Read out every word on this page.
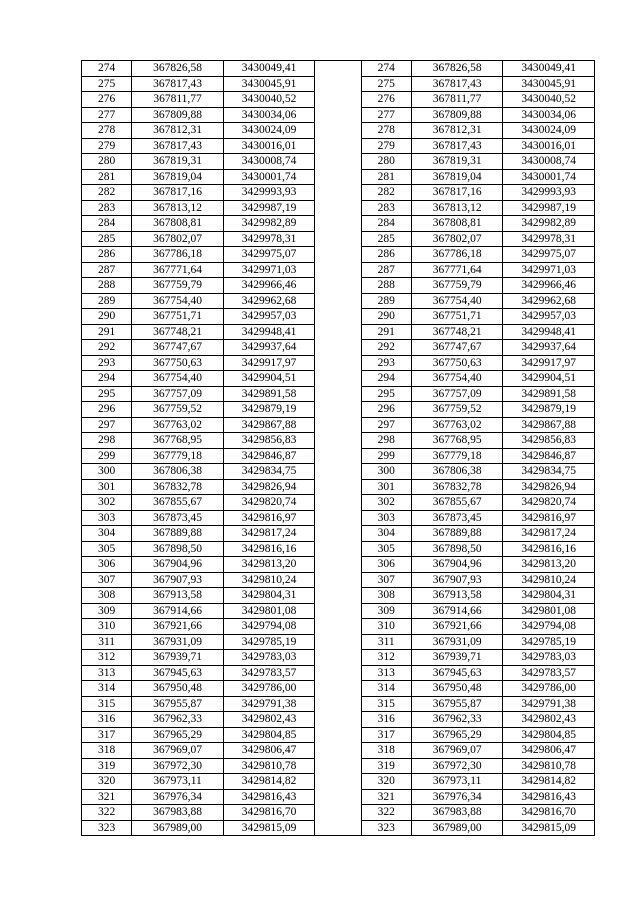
274	367826,58	3430049,41		274	367826,58	3430049,41
275	367817,43	3430045,91		275	367817,43	3430045,91
276	367811,77	3430040,52		276	367811,77	3430040,52
277	367809,88	3430034,06		277	367809,88	3430034,06
278	367812,31	3430024,09		278	367812,31	3430024,09
279	367817,43	3430016,01		279	367817,43	3430016,01
280	367819,31	3430008,74		280	367819,31	3430008,74
281	367819,04	3430001,74		281	367819,04	3430001,74
282	367817,16	3429993,93		282	367817,16	3429993,93
283	367813,12	3429987,19		283	367813,12	3429987,19
284	367808,81	3429982,89		284	367808,81	3429982,89
285	367802,07	3429978,31		285	367802,07	3429978,31
286	367786,18	3429975,07		286	367786,18	3429975,07
287	367771,64	3429971,03		287	367771,64	3429971,03
288	367759,79	3429966,46		288	367759,79	3429966,46
289	367754,40	3429962,68		289	367754,40	3429962,68
290	367751,71	3429957,03		290	367751,71	3429957,03
291	367748,21	3429948,41		291	367748,21	3429948,41
292	367747,67	3429937,64		292	367747,67	3429937,64
293	367750,63	3429917,97		293	367750,63	3429917,97
294	367754,40	3429904,51		294	367754,40	3429904,51
295	367757,09	3429891,58		295	367757,09	3429891,58
296	367759,52	3429879,19		296	367759,52	3429879,19
297	367763,02	3429867,88		297	367763,02	3429867,88
298	367768,95	3429856,83		298	367768,95	3429856,83
299	367779,18	3429846,87		299	367779,18	3429846,87
300	367806,38	3429834,75		300	367806,38	3429834,75
301	367832,78	3429826,94		301	367832,78	3429826,94
302	367855,67	3429820,74		302	367855,67	3429820,74
303	367873,45	3429816,97		303	367873,45	3429816,97
304	367889,88	3429817,24		304	367889,88	3429817,24
305	367898,50	3429816,16		305	367898,50	3429816,16
306	367904,96	3429813,20		306	367904,96	3429813,20
307	367907,93	3429810,24		307	367907,93	3429810,24
308	367913,58	3429804,31		308	367913,58	3429804,31
309	367914,66	3429801,08		309	367914,66	3429801,08
310	367921,66	3429794,08		310	367921,66	3429794,08
311	367931,09	3429785,19		311	367931,09	3429785,19
312	367939,71	3429783,03		312	367939,71	3429783,03
313	367945,63	3429783,57		313	367945,63	3429783,57
314	367950,48	3429786,00		314	367950,48	3429786,00
315	367955,87	3429791,38		315	367955,87	3429791,38
316	367962,33	3429802,43		316	367962,33	3429802,43
317	367965,29	3429804,85		317	367965,29	3429804,85
318	367969,07	3429806,47		318	367969,07	3429806,47
319	367972,30	3429810,78		319	367972,30	3429810,78
320	367973,11	3429814,82		320	367973,11	3429814,82
321	367976,34	3429816,43		321	367976,34	3429816,43
322	367983,88	3429816,70		322	367983,88	3429816,70
323	367989,00	3429815,09		323	367989,00	3429815,09
